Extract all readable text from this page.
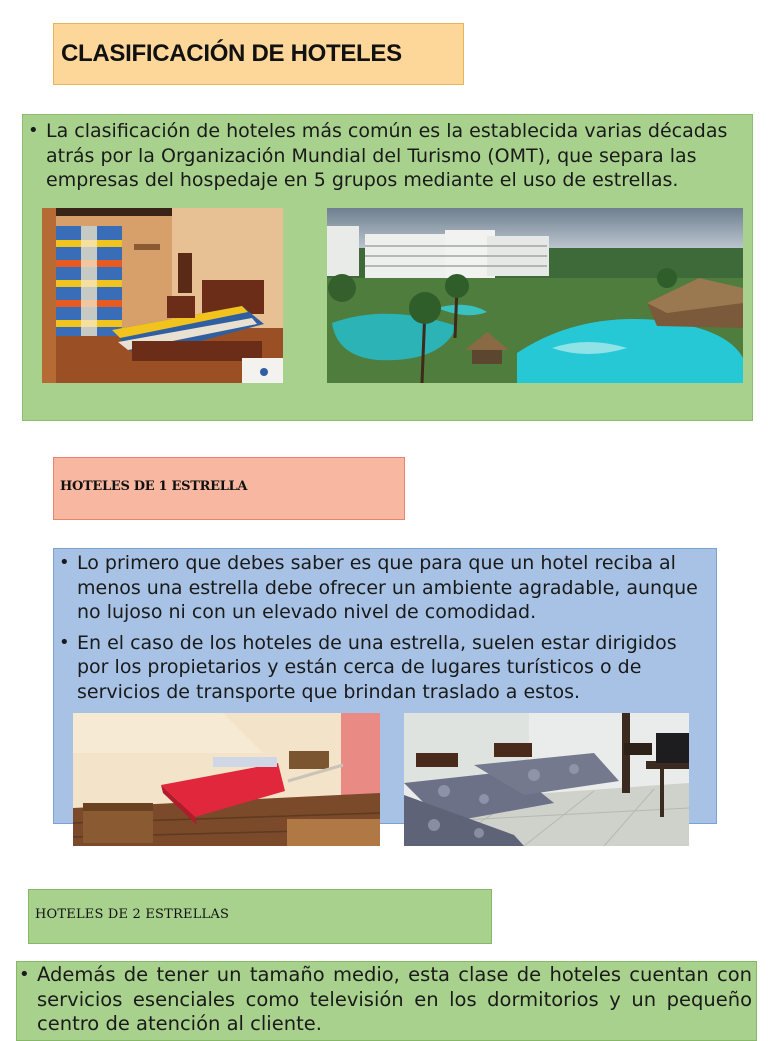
CLASIFICACIÓN DE HOTELES
• La clasificación de hoteles más común es la establecida varias décadas atrás por la Organización Mundial del Turismo (OMT), que separa las empresas del hospedaje en 5 grupos mediante el uso de estrellas.

HOTELES DE 1 ESTRELLA

• Lo primero que debes saber es que para que un hotel reciba al menos una estrella debe ofrecer un ambiente agradable, aunque no lujoso ni con un elevado nivel de comodidad.
• En el caso de los hoteles de una estrella, suelen estar dirigidos por los propietarios y están cerca de lugares turísticos o de servicios de transporte que brindan traslado a estos.

HOTELES DE 2 ESTRELLAS

• Además de tener un tamaño medio, esta clase de hoteles cuentan con servicios esenciales como televisión en los dormitorios y un pequeño centro de atención al cliente.
